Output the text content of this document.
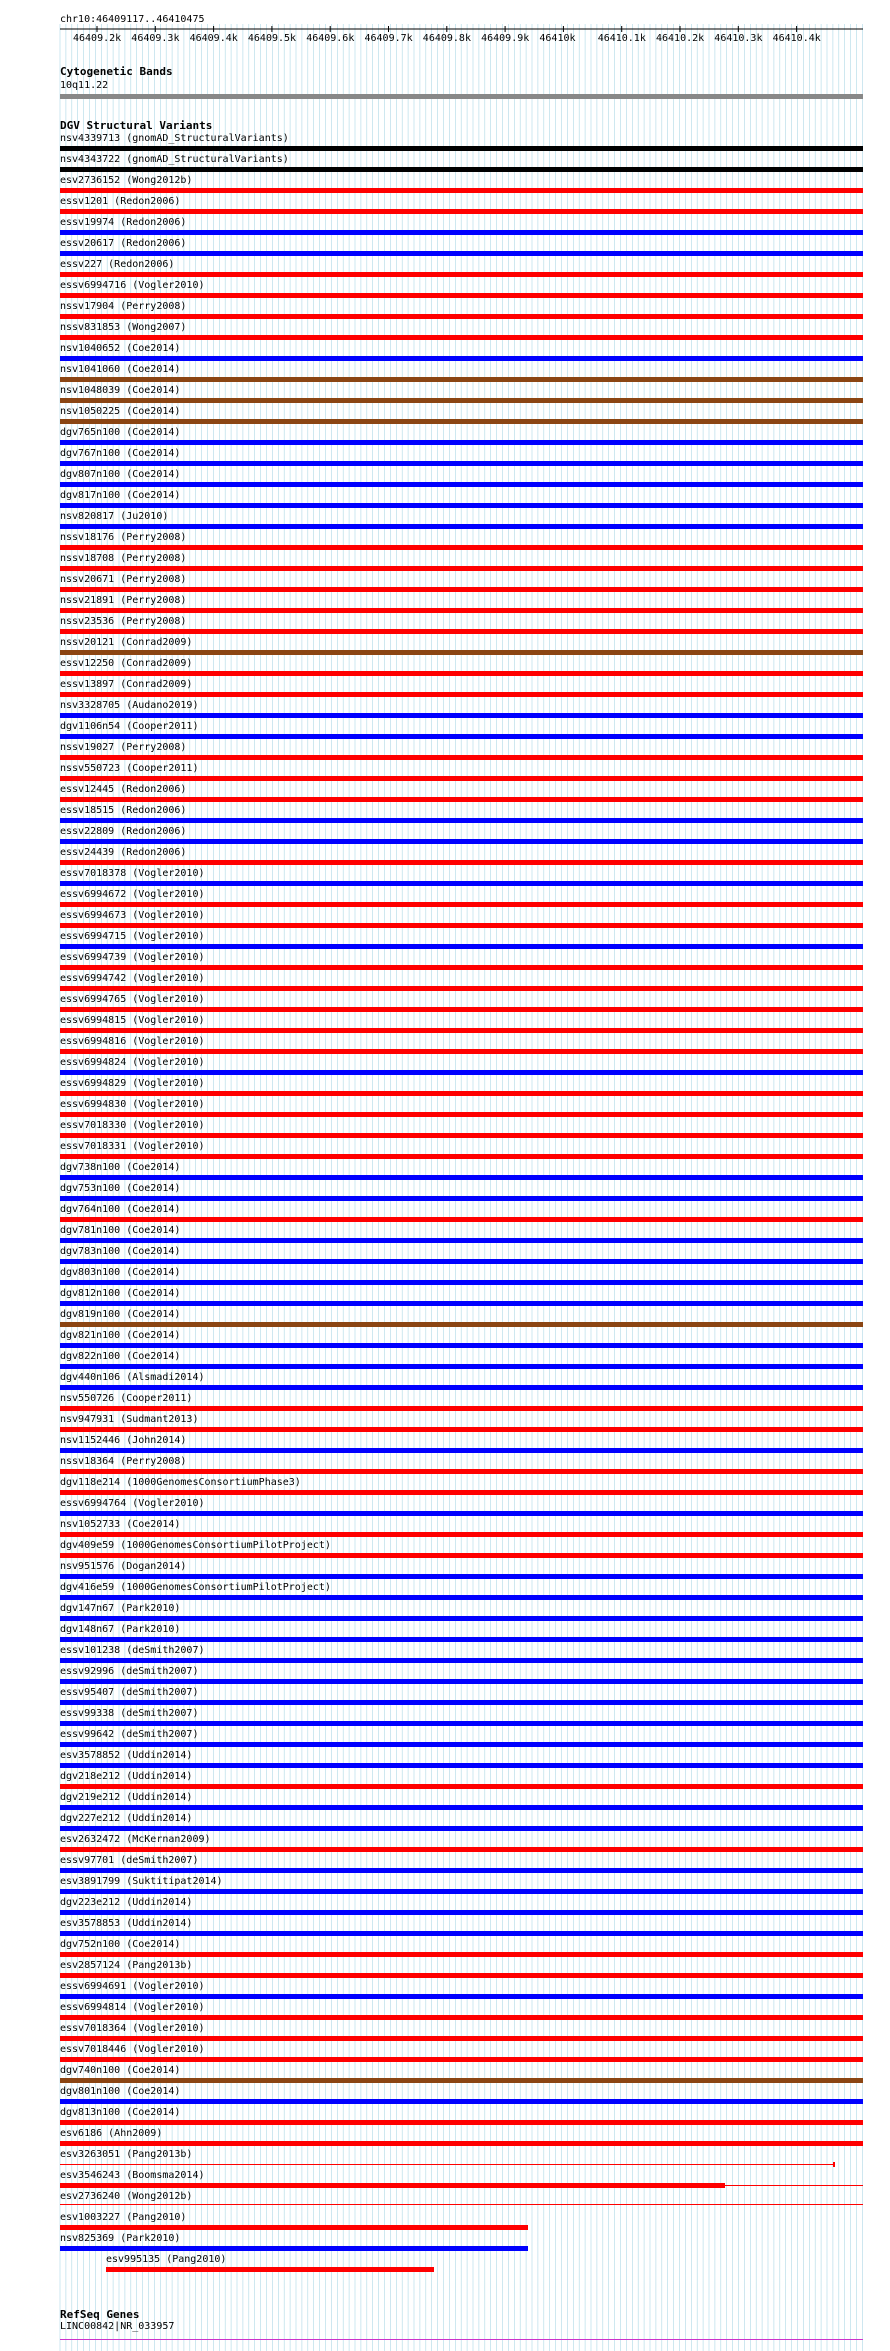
chr10:46409117..46410475
46409.2k 46409.3k 46409.4k 46409.5k 46409.6k 46409.7k 46409.8k 46409.9k 46410k 46410.1k 46410.2k 46410.3k 46410.4k
Cytogenetic Bands
10q11.22
DGV Structural Variants
nsv4339713 (gnomAD_StructuralVariants)
nsv4343722 (gnomAD_StructuralVariants)
esv2736152 (Wong2012b)
essv1201 (Redon2006)
essv19974 (Redon2006)
essv20617 (Redon2006)
essv227 (Redon2006)
essv6994716 (Vogler2010)
nssv17904 (Perry2008)
nssv831853 (Wong2007)
nsv1040652 (Coe2014)
nsv1041060 (Coe2014)
nsv1048039 (Coe2014)
nsv1050225 (Coe2014)
dgv765n100 (Coe2014)
dgv767n100 (Coe2014)
dgv807n100 (Coe2014)
dgv817n100 (Coe2014)
nsv820817 (Ju2010)
nssv18176 (Perry2008)
nssv18708 (Perry2008)
nssv20671 (Perry2008)
nssv21891 (Perry2008)
nssv23536 (Perry2008)
nssv20121 (Conrad2009)
essv12250 (Conrad2009)
essv13897 (Conrad2009)
nsv3328705 (Audano2019)
dgv1106n54 (Cooper2011)
nssv19027 (Perry2008)
nssv550723 (Cooper2011)
essv12445 (Redon2006)
essv18515 (Redon2006)
essv22809 (Redon2006)
essv24439 (Redon2006)
essv7018378 (Vogler2010)
essv6994672 (Vogler2010)
essv6994673 (Vogler2010)
essv6994715 (Vogler2010)
essv6994739 (Vogler2010)
essv6994742 (Vogler2010)
essv6994765 (Vogler2010)
essv6994815 (Vogler2010)
essv6994816 (Vogler2010)
essv6994824 (Vogler2010)
essv6994829 (Vogler2010)
essv6994830 (Vogler2010)
essv7018330 (Vogler2010)
essv7018331 (Vogler2010)
dgv738n100 (Coe2014)
dgv753n100 (Coe2014)
dgv764n100 (Coe2014)
dgv781n100 (Coe2014)
dgv783n100 (Coe2014)
dgv803n100 (Coe2014)
dgv812n100 (Coe2014)
dgv819n100 (Coe2014)
dgv821n100 (Coe2014)
dgv822n100 (Coe2014)
dgv440n106 (Alsmadi2014)
nsv550726 (Cooper2011)
nsv947931 (Sudmant2013)
nsv1152446 (John2014)
nssv18364 (Perry2008)
dgv118e214 (1000GenomesConsortiumPhase3)
essv6994764 (Vogler2010)
nsv1052733 (Coe2014)
dgv409e59 (1000GenomesConsortiumPilotProject)
nsv951576 (Dogan2014)
dgv416e59 (1000GenomesConsortiumPilotProject)
dgv147n67 (Park2010)
dgv148n67 (Park2010)
essv101238 (deSmith2007)
essv92996 (deSmith2007)
essv95407 (deSmith2007)
essv99338 (deSmith2007)
essv99642 (deSmith2007)
esv3578852 (Uddin2014)
dgv218e212 (Uddin2014)
dgv219e212 (Uddin2014)
dgv227e212 (Uddin2014)
esv2632472 (McKernan2009)
essv97701 (deSmith2007)
esv3891799 (Suktitipat2014)
dgv223e212 (Uddin2014)
esv3578853 (Uddin2014)
dgv752n100 (Coe2014)
esv2857124 (Pang2013b)
essv6994691 (Vogler2010)
essv6994814 (Vogler2010)
essv7018364 (Vogler2010)
essv7018446 (Vogler2010)
dgv740n100 (Coe2014)
dgv801n100 (Coe2014)
dgv813n100 (Coe2014)
esv6186 (Ahn2009)
esv3263051 (Pang2013b)
esv3546243 (Boomsma2014)
esv2736240 (Wong2012b)
esv1003227 (Pang2010)
nsv825369 (Park2010)
esv995135 (Pang2010)
RefSeq Genes
LINC00842|NR_033957
